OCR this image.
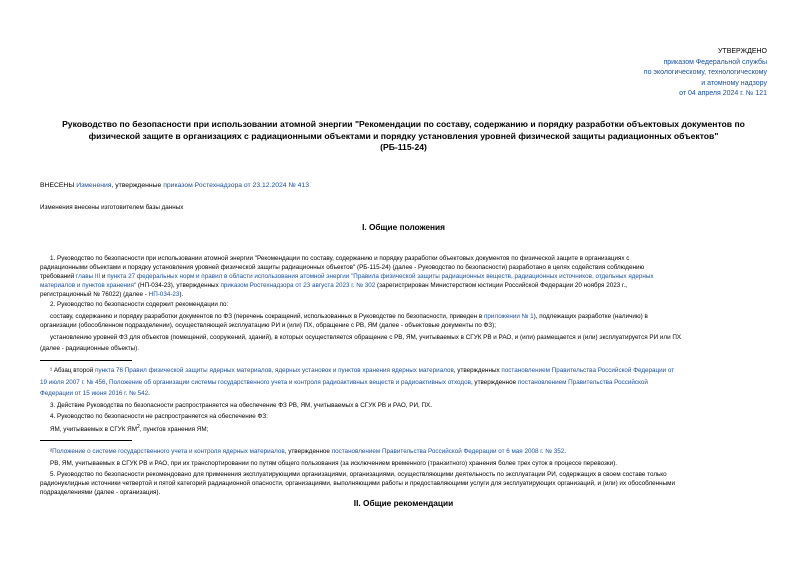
УТВЕРЖДЕНО
приказом Федеральной службы
по экологическому, технологическому
и атомному надзору
от 04 апреля 2024 г. № 121
Руководство по безопасности при использовании атомной энергии "Рекомендации по составу, содержанию и порядку разработки объектовых документов по
физической защите в организациях с радиационными объектами и порядку установления уровней физической защиты радиационных объектов"
(РБ-115-24)
ВНЕСЕНЫ Изменения, утвержденные приказом Ростехнадзора от 23.12.2024 № 413
Изменения внесены изготовителем базы данных
I. Общие положения
1. Руководство по безопасности при использовании атомной энергии "Рекомендации по составу, содержанию и порядку разработки объектовых документов по физической защите в организациях с
радиационными объектами и порядку установления уровней физической защиты радиационных объектов" (РБ-115-24) (далее - Руководство по безопасности) разработано в целях содействия соблюдению
требований главы III и пункта 27 федеральных норм и правил в области использования атомной энергии "Правила физической защиты радиационных веществ, радиационных источников, отдельных ядерных
материалов и пунктов хранения" (НП-034-23), утвержденных приказом Ростехнадзора от 23 августа 2023 г. № 302 (зарегистрирован Министерством юстиции Российской Федерации 20 ноября 2023 г.,
регистрационный № 76022) (далее - НП-034-23).
2. Руководство по безопасности содержит рекомендации по:
составу, содержанию и порядку разработки документов по ФЗ (перечень сокращений, использованных в Руководстве по безопасности, приведен в приложении № 1), подлежащих разработке (наличию) в
организации (обособленном подразделении), осуществляющей эксплуатацию РИ и (или) ПХ, обращение с РВ, ЯМ (далее - объектовые документы по ФЗ);
установлению уровней ФЗ для объектов (помещений, сооружений, зданий), в которых осуществляется обращение с РВ, ЯМ, учитываемых в СГУК РВ и РАО, и (или) размещается и (или) эксплуатируется РИ или ПХ
(далее - радиационные объекты).
¹ Абзац второй пункта 76 Правил физической защиты ядерных материалов, ядерных установок и пунктов хранения ядерных материалов, утвержденных постановлением Правительства Российской Федерации от
19 июля 2007 г. № 456, Положение об организации системы государственного учета и контроля радиоактивных веществ и радиоактивных отходов, утвержденное постановлением Правительства Российской
Федерации от 15 июня 2016 г. № 542.
3. Действие Руководства по безопасности распространяется на обеспечение ФЗ РВ, ЯМ, учитываемых в СГУК РВ и РАО, РИ, ПХ.
4. Руководство по безопасности не распространяется на обеспечение ФЗ:
ЯМ, учитываемых в СГУК $ЯМ^2$, пунктов хранения ЯМ;
²Положение о системе государственного учета и контроля ядерных материалов, утвержденное постановлением Правительства Российской Федерации от 6 мая 2008 г. № 352.
РВ, ЯМ, учитываемых в СГУК РВ и РАО, при их транспортировании по путям общего пользования (за исключением временного (транзитного) хранения более трех суток в процессе перевозки).
5. Руководство по безопасности рекомендовано для применения эксплуатирующими организациями, организациями, осуществляющими деятельность по эксплуатации РИ, содержащих в своем составе только
радионуклидные источники четвертой и пятой категорий радиационной опасности, организациями, выполняющими работы и предоставляющими услуги для эксплуатирующих организаций, и (или) их обособленными
подразделениями (далее - организация).
II. Общие рекомендации
